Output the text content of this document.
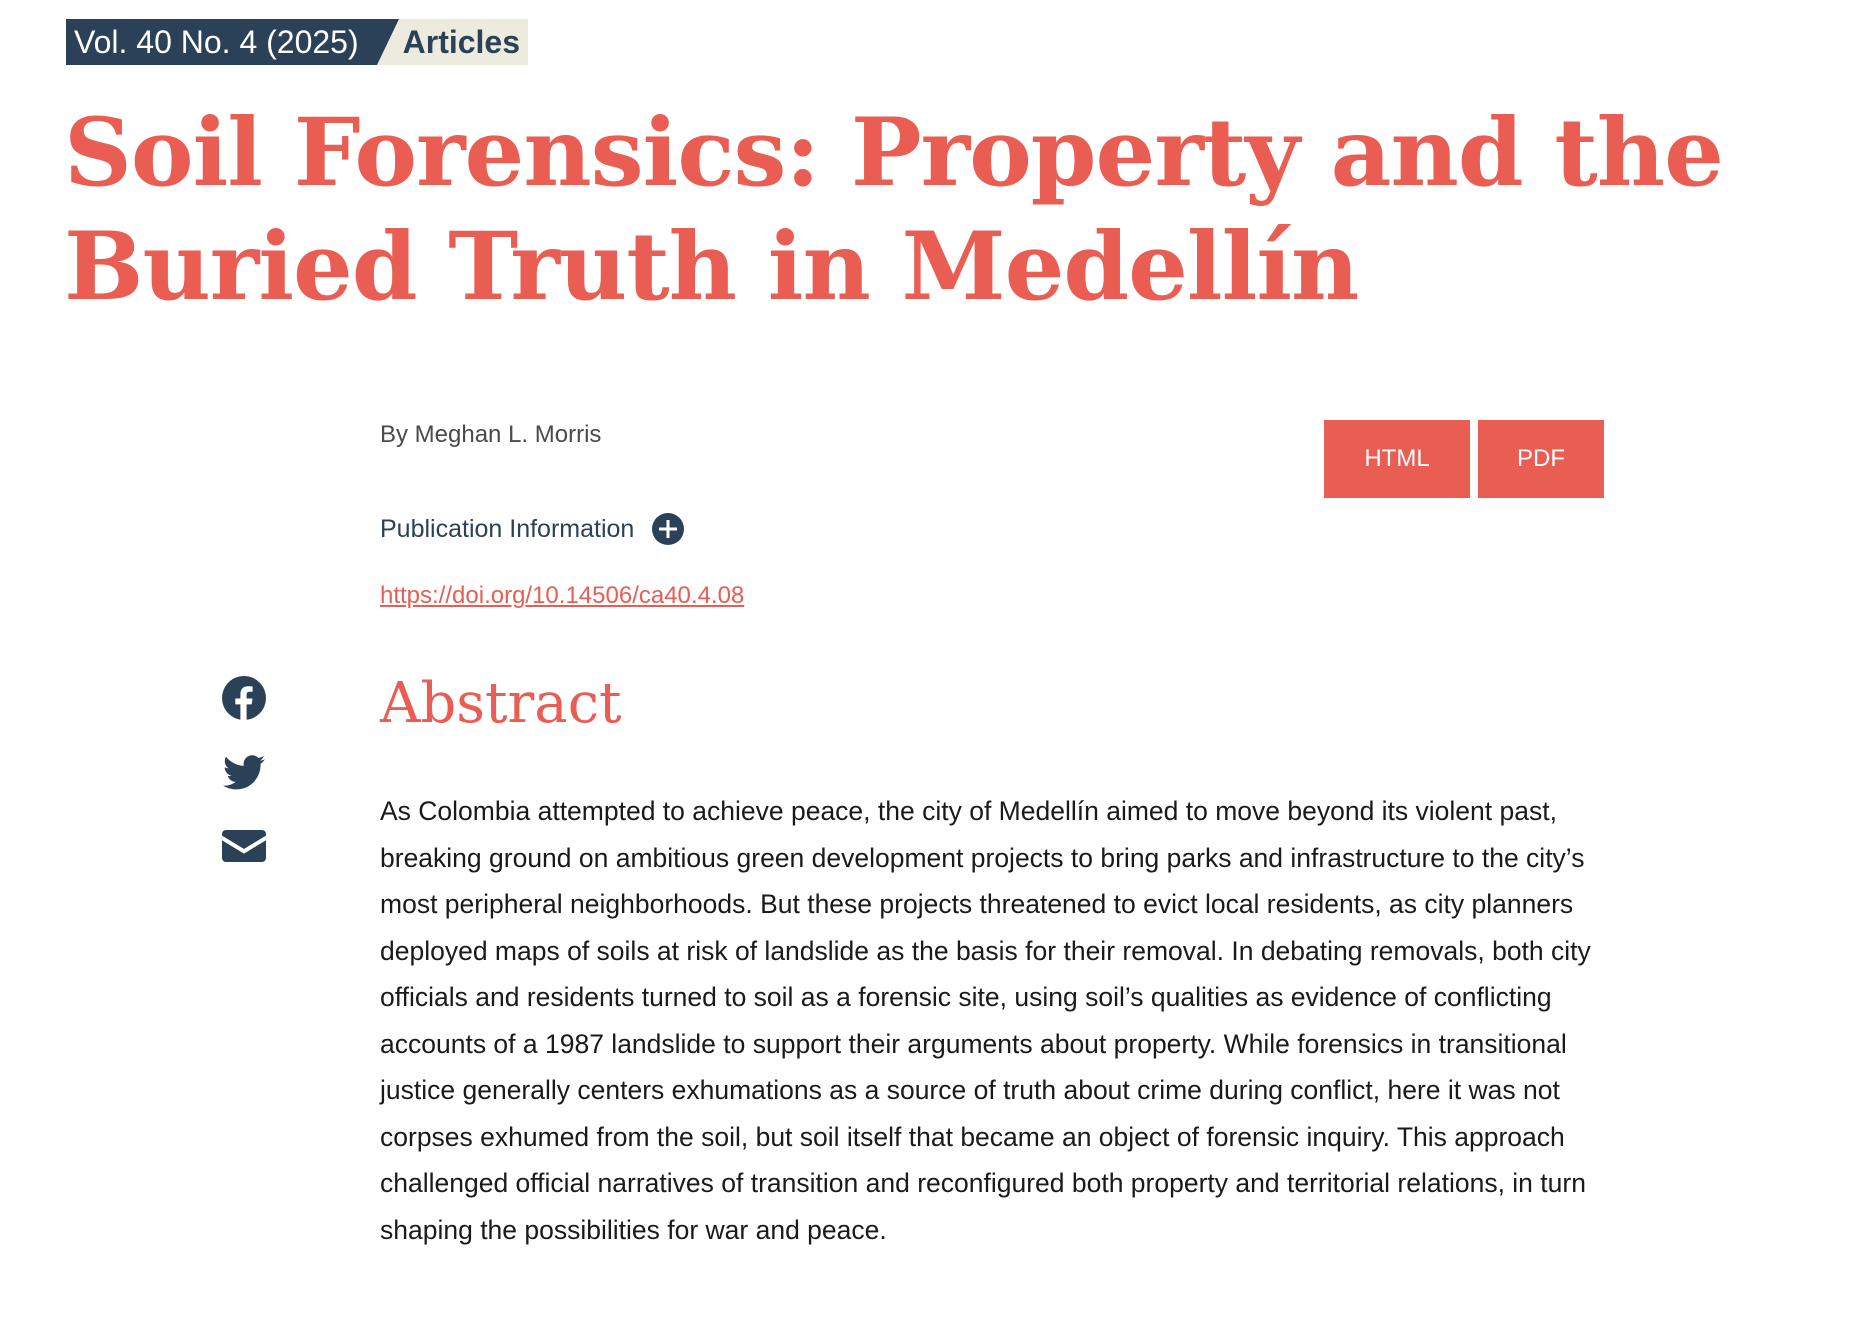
Vol. 40 No. 4 (2025)	Articles
Soil Forensics: Property and the Buried Truth in Medellín
By Meghan L. Morris
HTML	PDF
Publication Information
https://doi.org/10.14506/ca40.4.08
Abstract

As Colombia attempted to achieve peace, the city of Medellín aimed to move beyond its violent past, breaking ground on ambitious green development projects to bring parks and infrastructure to the city’s most peripheral neighborhoods. But these projects threatened to evict local residents, as city planners deployed maps of soils at risk of landslide as the basis for their removal. In debating removals, both city officials and residents turned to soil as a forensic site, using soil’s qualities as evidence of conflicting accounts of a 1987 landslide to support their arguments about property. While forensics in transitional justice generally centers exhumations as a source of truth about crime during conflict, here it was not corpses exhumed from the soil, but soil itself that became an object of forensic inquiry. This approach challenged official narratives of transition and reconfigured both property and territorial relations, in turn shaping the possibilities for war and peace.
